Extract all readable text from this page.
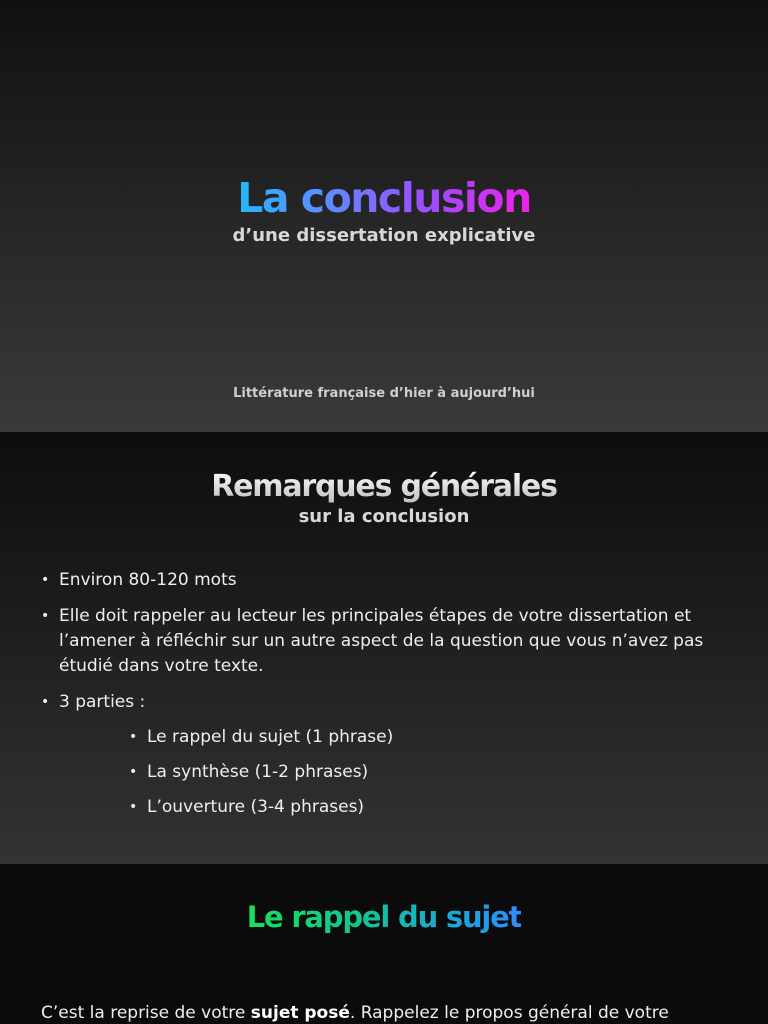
La conclusion
d’une dissertation explicative
Littérature française d’hier à aujourd’hui
Remarques générales
sur la conclusion
• Environ 80-120 mots
• Elle doit rappeler au lecteur les principales étapes de votre dissertation et l’amener à réfléchir sur un autre aspect de la question que vous n’avez pas étudié dans votre texte.
• 3 parties :
• Le rappel du sujet (1 phrase)
• La synthèse (1-2 phrases)
• L’ouverture (3-4 phrases)
Le rappel du sujet
C’est la reprise de votre sujet posé. Rappelez le propos général de votre
